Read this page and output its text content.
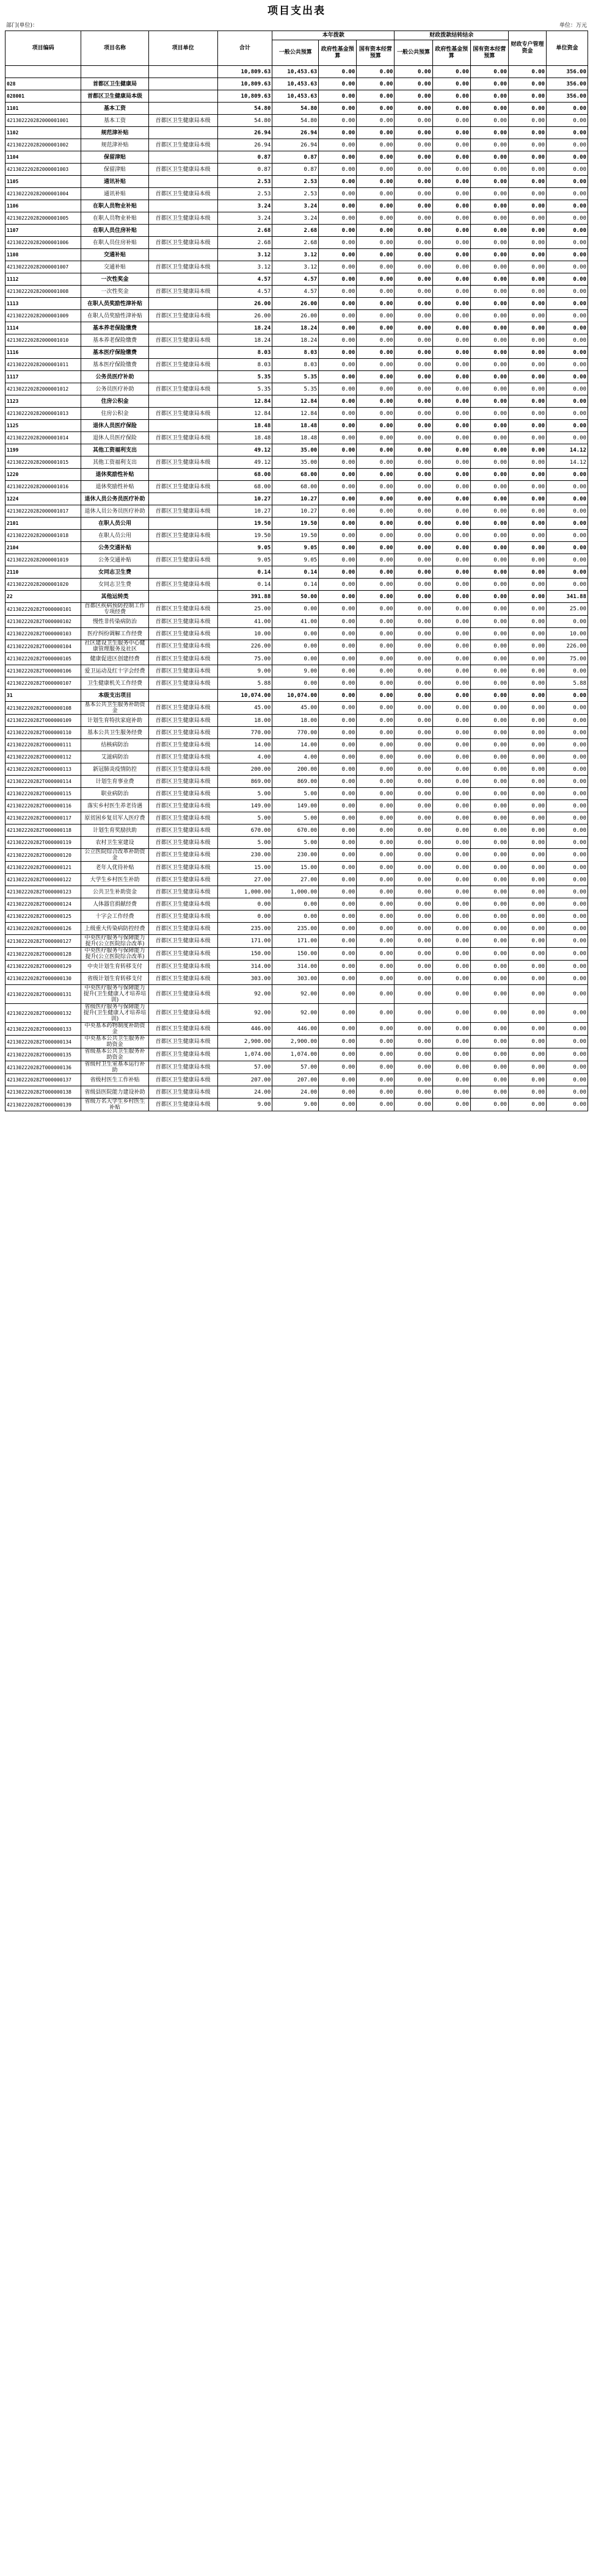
项目支出表
部门(单位)：	单位：万元
项目编码	项目名称	项目单位	合计	本年拨款			财政拨款结转结余			财政专户管理资金	单位资金
				一般公共预算	政府性基金预算	国有资本经营预算	一般公共预算	政府性基金预算	国有资本经营预算		
			10,809.63	10,453.63	0.00	0.00	0.00	0.00	0.00	0.00	356.00
028	首都区卫生健康局		10,809.63	10,453.63	0.00	0.00	0.00	0.00	0.00	0.00	356.00
028001	首都区卫生健康局本级		10,809.63	10,453.63	0.00	0.00	0.00	0.00	0.00	0.00	356.00
1101	基本工资		54.80	54.80	0.00	0.00	0.00	0.00	0.00	0.00	0.00
421302220282000001001	基本工资	首都区卫生健康局本级	54.80	54.80	0.00	0.00	0.00	0.00	0.00	0.00	0.00
1102	规范津补贴		26.94	26.94	0.00	0.00	0.00	0.00	0.00	0.00	0.00
421302220282000001002	规范津补贴	首都区卫生健康局本级	26.94	26.94	0.00	0.00	0.00	0.00	0.00	0.00	0.00
1104	保留津贴		0.87	0.87	0.00	0.00	0.00	0.00	0.00	0.00	0.00
421302220282000001003	保留津贴	首都区卫生健康局本级	0.87	0.87	0.00	0.00	0.00	0.00	0.00	0.00	0.00
1105	通讯补贴		2.53	2.53	0.00	0.00	0.00	0.00	0.00	0.00	0.00
421302220282000001004	通讯补贴	首都区卫生健康局本级	2.53	2.53	0.00	0.00	0.00	0.00	0.00	0.00	0.00
1106	在职人员物业补贴		3.24	3.24	0.00	0.00	0.00	0.00	0.00	0.00	0.00
421302220282000001005	在职人员物业补贴	首都区卫生健康局本级	3.24	3.24	0.00	0.00	0.00	0.00	0.00	0.00	0.00
1107	在职人员住房补贴		2.68	2.68	0.00	0.00	0.00	0.00	0.00	0.00	0.00
421302220282000001006	在职人员住房补贴	首都区卫生健康局本级	2.68	2.68	0.00	0.00	0.00	0.00	0.00	0.00	0.00
1108	交通补贴		3.12	3.12	0.00	0.00	0.00	0.00	0.00	0.00	0.00
421302220282000001007	交通补贴	首都区卫生健康局本级	3.12	3.12	0.00	0.00	0.00	0.00	0.00	0.00	0.00
1112	一次性奖金		4.57	4.57	0.00	0.00	0.00	0.00	0.00	0.00	0.00
421302220282000001008	一次性奖金	首都区卫生健康局本级	4.57	4.57	0.00	0.00	0.00	0.00	0.00	0.00	0.00
1113	在职人员奖励性津补贴		26.00	26.00	0.00	0.00	0.00	0.00	0.00	0.00	0.00
421302220282000001009	在职人员奖励性津补贴	首都区卫生健康局本级	26.00	26.00	0.00	0.00	0.00	0.00	0.00	0.00	0.00
1114	基本养老保险缴费		18.24	18.24	0.00	0.00	0.00	0.00	0.00	0.00	0.00
421302220282000001010	基本养老保险缴费	首都区卫生健康局本级	18.24	18.24	0.00	0.00	0.00	0.00	0.00	0.00	0.00
1116	基本医疗保险缴费		8.03	8.03	0.00	0.00	0.00	0.00	0.00	0.00	0.00
421302220282000001011	基本医疗保险缴费	首都区卫生健康局本级	8.03	8.03	0.00	0.00	0.00	0.00	0.00	0.00	0.00
1117	公务员医疗补助		5.35	5.35	0.00	0.00	0.00	0.00	0.00	0.00	0.00
421302220282000001012	公务员医疗补助	首都区卫生健康局本级	5.35	5.35	0.00	0.00	0.00	0.00	0.00	0.00	0.00
1123	住房公积金		12.84	12.84	0.00	0.00	0.00	0.00	0.00	0.00	0.00
421302220282000001013	住房公积金	首都区卫生健康局本级	12.84	12.84	0.00	0.00	0.00	0.00	0.00	0.00	0.00
1125	退休人员医疗保险		18.48	18.48	0.00	0.00	0.00	0.00	0.00	0.00	0.00
421302220282000001014	退休人员医疗保险	首都区卫生健康局本级	18.48	18.48	0.00	0.00	0.00	0.00	0.00	0.00	0.00
1199	其他工资福利支出		49.12	35.00	0.00	0.00	0.00	0.00	0.00	0.00	14.12
421302220282000001015	其他工资福利支出	首都区卫生健康局本级	49.12	35.00	0.00	0.00	0.00	0.00	0.00	0.00	14.12
1220	退休奖励性补贴		68.00	68.00	0.00	0.00	0.00	0.00	0.00	0.00	0.00
421302220282000001016	退休奖励性补贴	首都区卫生健康局本级	68.00	68.00	0.00	0.00	0.00	0.00	0.00	0.00	0.00
1224	退休人员公务员医疗补助		10.27	10.27	0.00	0.00	0.00	0.00	0.00	0.00	0.00
421302220282000001017	退休人员公务员医疗补助	首都区卫生健康局本级	10.27	10.27	0.00	0.00	0.00	0.00	0.00	0.00	0.00
2101	在职人员公用		19.50	19.50	0.00	0.00	0.00	0.00	0.00	0.00	0.00
421302220282000001018	在职人员公用	首都区卫生健康局本级	19.50	19.50	0.00	0.00	0.00	0.00	0.00	0.00	0.00
2104	公务交通补贴		9.05	9.05	0.00	0.00	0.00	0.00	0.00	0.00	0.00
421302220282000001019	公务交通补贴	首都区卫生健康局本级	9.05	9.05	0.00	0.00	0.00	0.00	0.00	0.00	0.00
2110	女同志卫生费		0.14	0.14	0.00	0.00	0.00	0.00	0.00	0.00	0.00
421302220282000001020	女同志卫生费	首都区卫生健康局本级	0.14	0.14	0.00	0.00	0.00	0.00	0.00	0.00	0.00
22	其他运转类		391.88	50.00	0.00	0.00	0.00	0.00	0.00	0.00	341.88
421302220282T000000101	首都区疾病预防控制工作专项经费	首都区卫生健康局本级	25.00	0.00	0.00	0.00	0.00	0.00	0.00	0.00	25.00
421302220282T000000102	慢性非传染病防治	首都区卫生健康局本级	41.00	41.00	0.00	0.00	0.00	0.00	0.00	0.00	0.00
421302220282T000000103	医疗纠纷调解工作经费	首都区卫生健康局本级	10.00	0.00	0.00	0.00	0.00	0.00	0.00	0.00	10.00
421302220282T000000104	社区建设卫生服务中心健康管理服务及社区	首都区卫生健康局本级	226.00	0.00	0.00	0.00	0.00	0.00	0.00	0.00	226.00
421302220282T000000105	健康促进区创建经费	首都区卫生健康局本级	75.00	0.00	0.00	0.00	0.00	0.00	0.00	0.00	75.00
421302220282T000000106	爱卫运动及红十字会经费	首都区卫生健康局本级	9.00	9.00	0.00	0.00	0.00	0.00	0.00	0.00	0.00
421302220282T000000107	卫生健康机关工作经费	首都区卫生健康局本级	5.88	0.00	0.00	0.00	0.00	0.00	0.00	0.00	5.88
31	本级支出项目		10,074.00	10,074.00	0.00	0.00	0.00	0.00	0.00	0.00	0.00
421302220282T000000108	基本公共卫生服务补助资金	首都区卫生健康局本级	45.00	45.00	0.00	0.00	0.00	0.00	0.00	0.00	0.00
421302220282T000000109	计划生育特扶家庭补助	首都区卫生健康局本级	18.00	18.00	0.00	0.00	0.00	0.00	0.00	0.00	0.00
421302220282T000000110	基本公共卫生服务经费	首都区卫生健康局本级	770.00	770.00	0.00	0.00	0.00	0.00	0.00	0.00	0.00
421302220282T000000111	结核病防治	首都区卫生健康局本级	14.00	14.00	0.00	0.00	0.00	0.00	0.00	0.00	0.00
421302220282T000000112	艾滋病防治	首都区卫生健康局本级	4.00	4.00	0.00	0.00	0.00	0.00	0.00	0.00	0.00
421302220282T000000113	新冠肺炎疫情防控	首都区卫生健康局本级	200.00	200.00	0.00	0.00	0.00	0.00	0.00	0.00	0.00
421302220282T000000114	计划生育事业费	首都区卫生健康局本级	869.00	869.00	0.00	0.00	0.00	0.00	0.00	0.00	0.00
421302220282T000000115	职业病防治	首都区卫生健康局本级	5.00	5.00	0.00	0.00	0.00	0.00	0.00	0.00	0.00
421302220282T000000116	落实乡村医生养老待遇	首都区卫生健康局本级	149.00	149.00	0.00	0.00	0.00	0.00	0.00	0.00	0.00
421302220282T000000117	原贫困乡复员军人医疗费	首都区卫生健康局本级	5.00	5.00	0.00	0.00	0.00	0.00	0.00	0.00	0.00
421302220282T000000118	计划生育奖励扶助	首都区卫生健康局本级	670.00	670.00	0.00	0.00	0.00	0.00	0.00	0.00	0.00
421302220282T000000119	农村卫生室建设	首都区卫生健康局本级	5.00	5.00	0.00	0.00	0.00	0.00	0.00	0.00	0.00
421302220282T000000120	公立医院综合改革补助资金	首都区卫生健康局本级	230.00	230.00	0.00	0.00	0.00	0.00	0.00	0.00	0.00
421302220282T000000121	老年人优待补贴	首都区卫生健康局本级	15.00	15.00	0.00	0.00	0.00	0.00	0.00	0.00	0.00
421302220282T000000122	大学生乡村医生补助	首都区卫生健康局本级	27.00	27.00	0.00	0.00	0.00	0.00	0.00	0.00	0.00
421302220282T000000123	公共卫生补助资金	首都区卫生健康局本级	1,000.00	1,000.00	0.00	0.00	0.00	0.00	0.00	0.00	0.00
421302220282T000000124	人体器官捐献经费	首都区卫生健康局本级	0.00	0.00	0.00	0.00	0.00	0.00	0.00	0.00	0.00
421302220282T000000125	十字会工作经费	首都区卫生健康局本级	0.00	0.00	0.00	0.00	0.00	0.00	0.00	0.00	0.00
421302220282T000000126	上级重大传染病防控经费	首都区卫生健康局本级	235.00	235.00	0.00	0.00	0.00	0.00	0.00	0.00	0.00
421302220282T000000127	中央医疗服务与保障能力提升(公立医院综合改革)	首都区卫生健康局本级	171.00	171.00	0.00	0.00	0.00	0.00	0.00	0.00	0.00
421302220282T000000128	中央医疗服务与保障能力提升(公立医院综合改革)	首都区卫生健康局本级	150.00	150.00	0.00	0.00	0.00	0.00	0.00	0.00	0.00
421302220282T000000129	中央计划生育转移支付	首都区卫生健康局本级	314.00	314.00	0.00	0.00	0.00	0.00	0.00	0.00	0.00
421302220282T000000130	省级计划生育转移支付	首都区卫生健康局本级	303.00	303.00	0.00	0.00	0.00	0.00	0.00	0.00	0.00
421302220282T000000131	中央医疗服务与保障能力提升(卫生健康人才培养培训)	首都区卫生健康局本级	92.00	92.00	0.00	0.00	0.00	0.00	0.00	0.00	0.00
421302220282T000000132	省级医疗服务与保障能力提升(卫生健康人才培养培训)	首都区卫生健康局本级	92.00	92.00	0.00	0.00	0.00	0.00	0.00	0.00	0.00
421302220282T000000133	中央基本药物制度补助资金	首都区卫生健康局本级	446.00	446.00	0.00	0.00	0.00	0.00	0.00	0.00	0.00
421302220282T000000134	中央基本公共卫生服务补助资金	首都区卫生健康局本级	2,900.00	2,900.00	0.00	0.00	0.00	0.00	0.00	0.00	0.00
421302220282T000000135	省级基本公共卫生服务补助资金	首都区卫生健康局本级	1,074.00	1,074.00	0.00	0.00	0.00	0.00	0.00	0.00	0.00
421302220282T000000136	省级村卫生室基本运行补助	首都区卫生健康局本级	57.00	57.00	0.00	0.00	0.00	0.00	0.00	0.00	0.00
421302220282T000000137	省级村医生工作补贴	首都区卫生健康局本级	207.00	207.00	0.00	0.00	0.00	0.00	0.00	0.00	0.00
421302220282T000000138	省级县医院能力建设补助	首都区卫生健康局本级	24.00	24.00	0.00	0.00	0.00	0.00	0.00	0.00	0.00
421302220282T000000139	省级万名大学生乡村医生补贴	首都区卫生健康局本级	9.00	9.00	0.00	0.00	0.00	0.00	0.00	0.00	0.00
